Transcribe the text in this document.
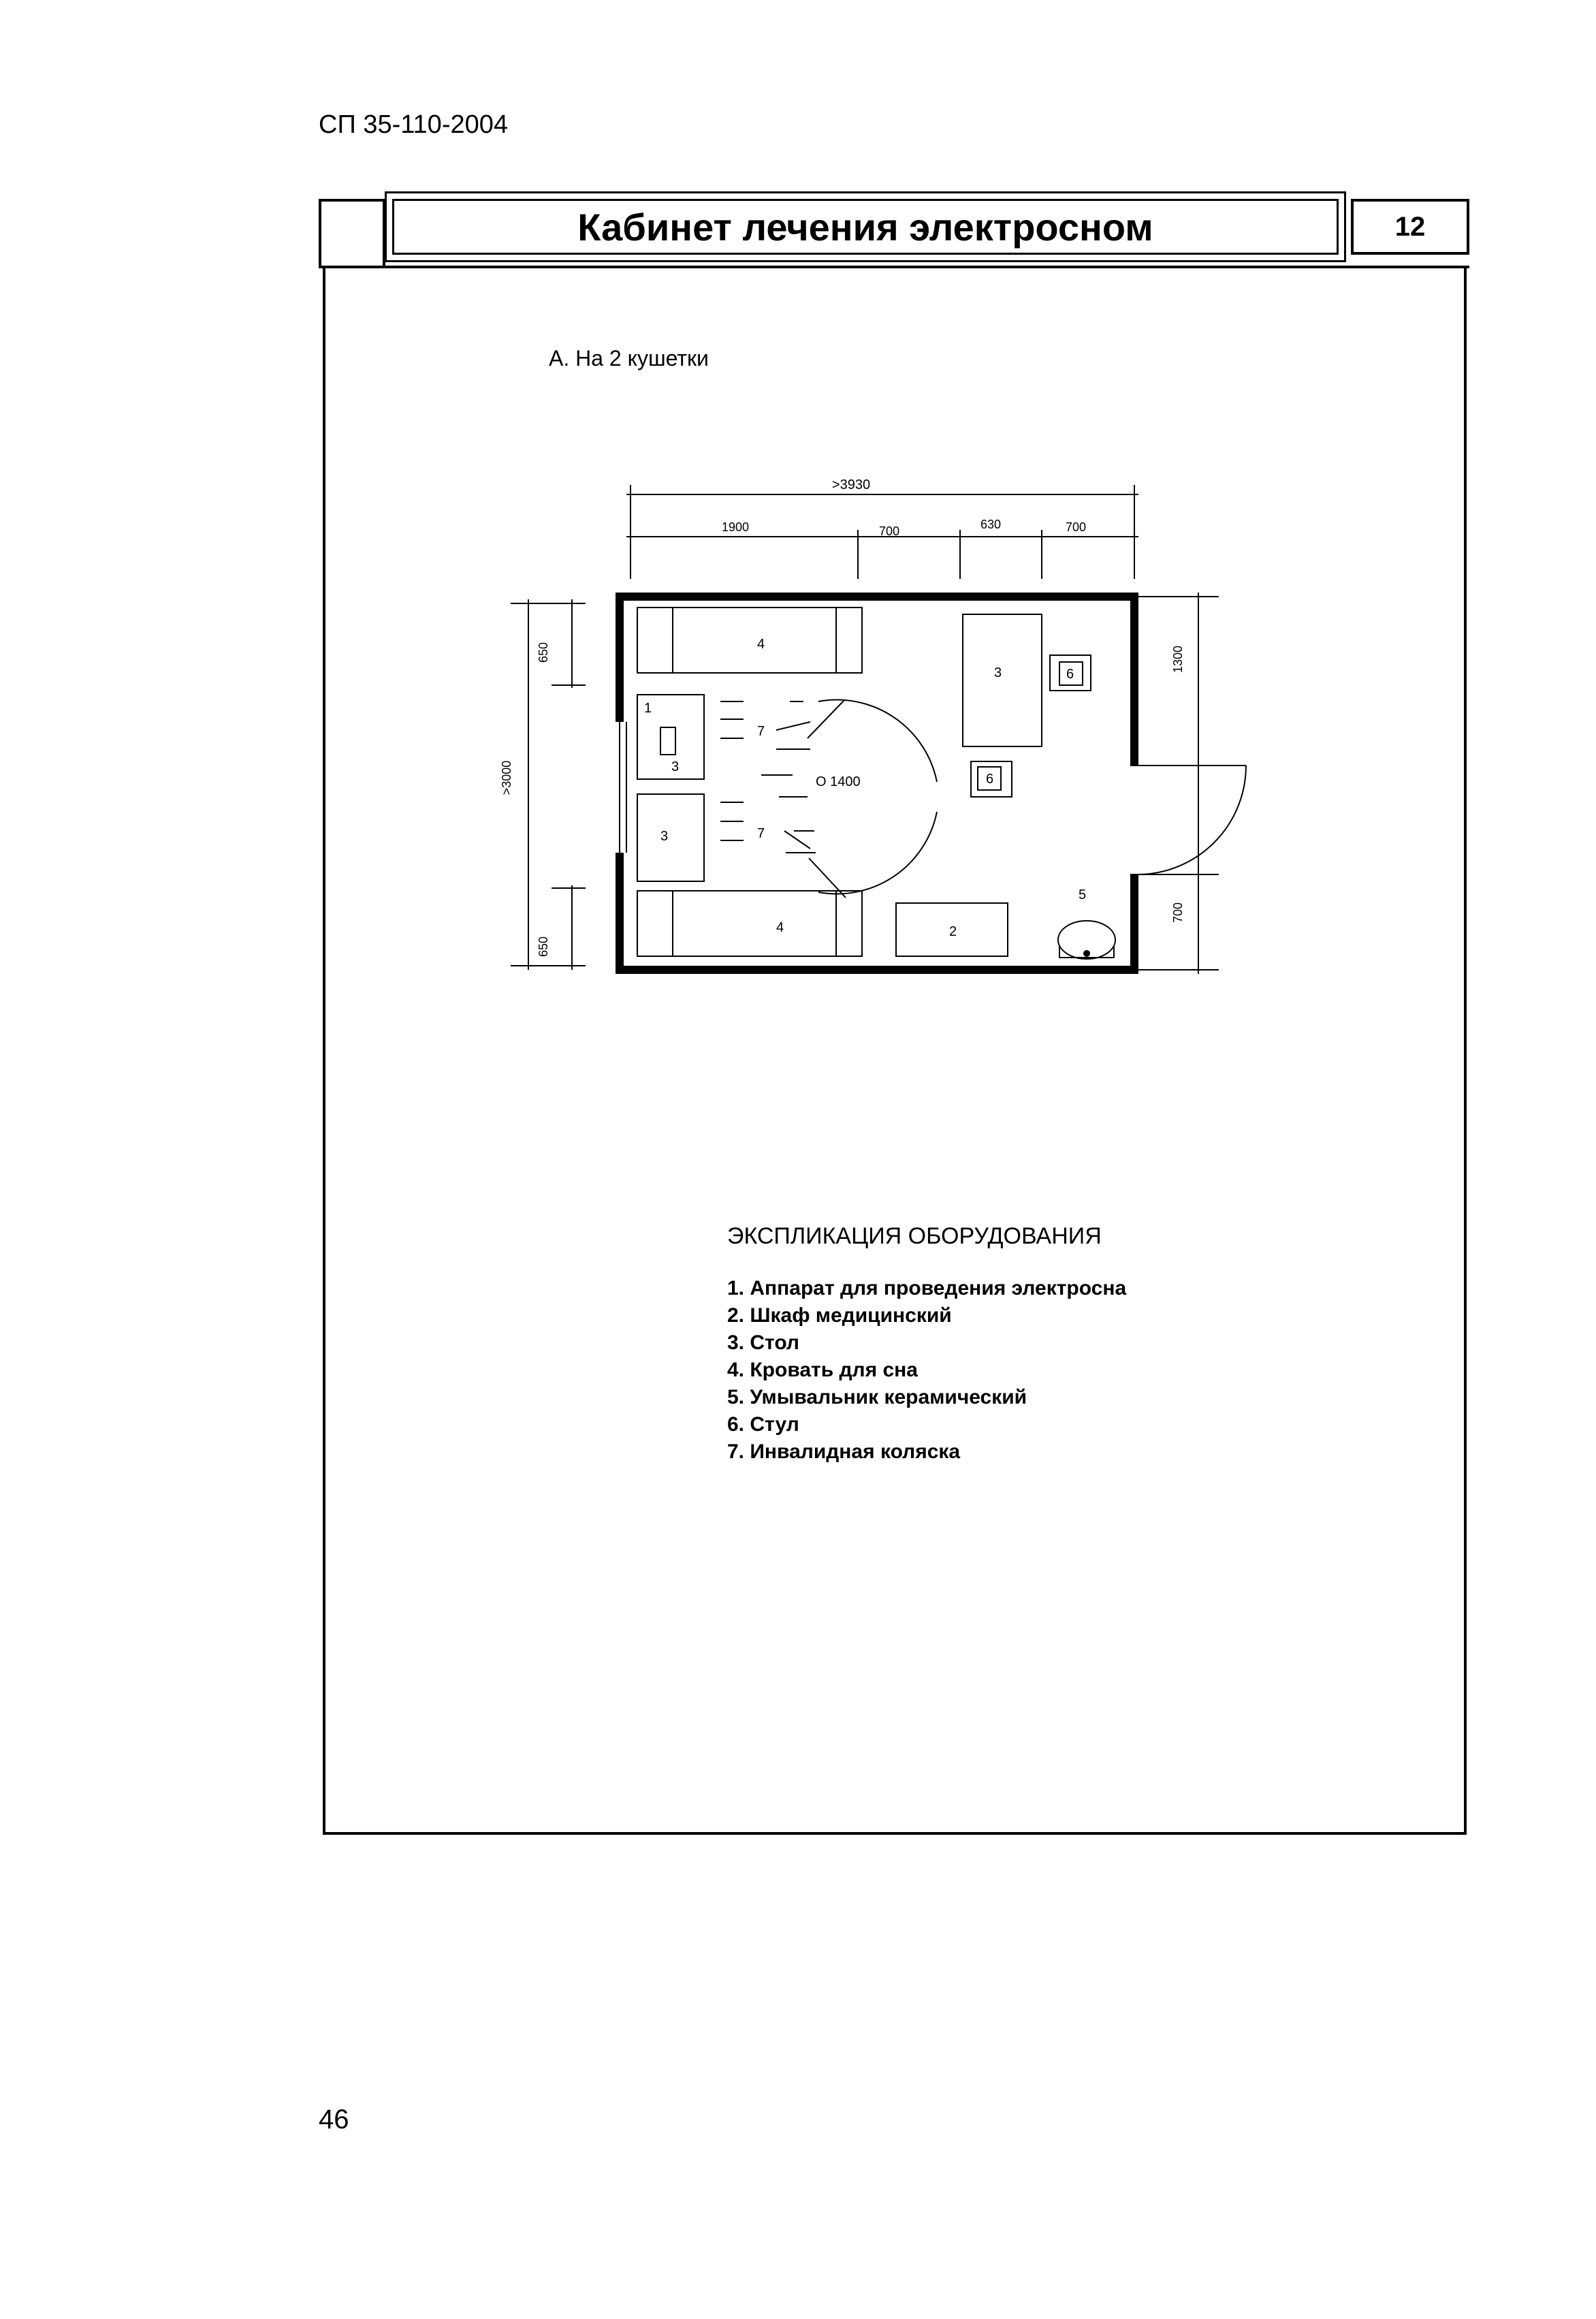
СП 35-110-2004
Кабинет лечения электросном	12
А. На 2 кушетки
>3930
1900	700	630	700
650
>3000
650
1300
700
4
4
1
3
3
3
7
7
6
6
2
5
O 1400
ЭКСПЛИКАЦИЯ ОБОРУДОВАНИЯ
1. Аппарат для проведения электросна
2. Шкаф медицинский
3. Стол
4. Кровать для сна
5. Умывальник керамический
6. Стул
7. Инвалидная коляска
46
